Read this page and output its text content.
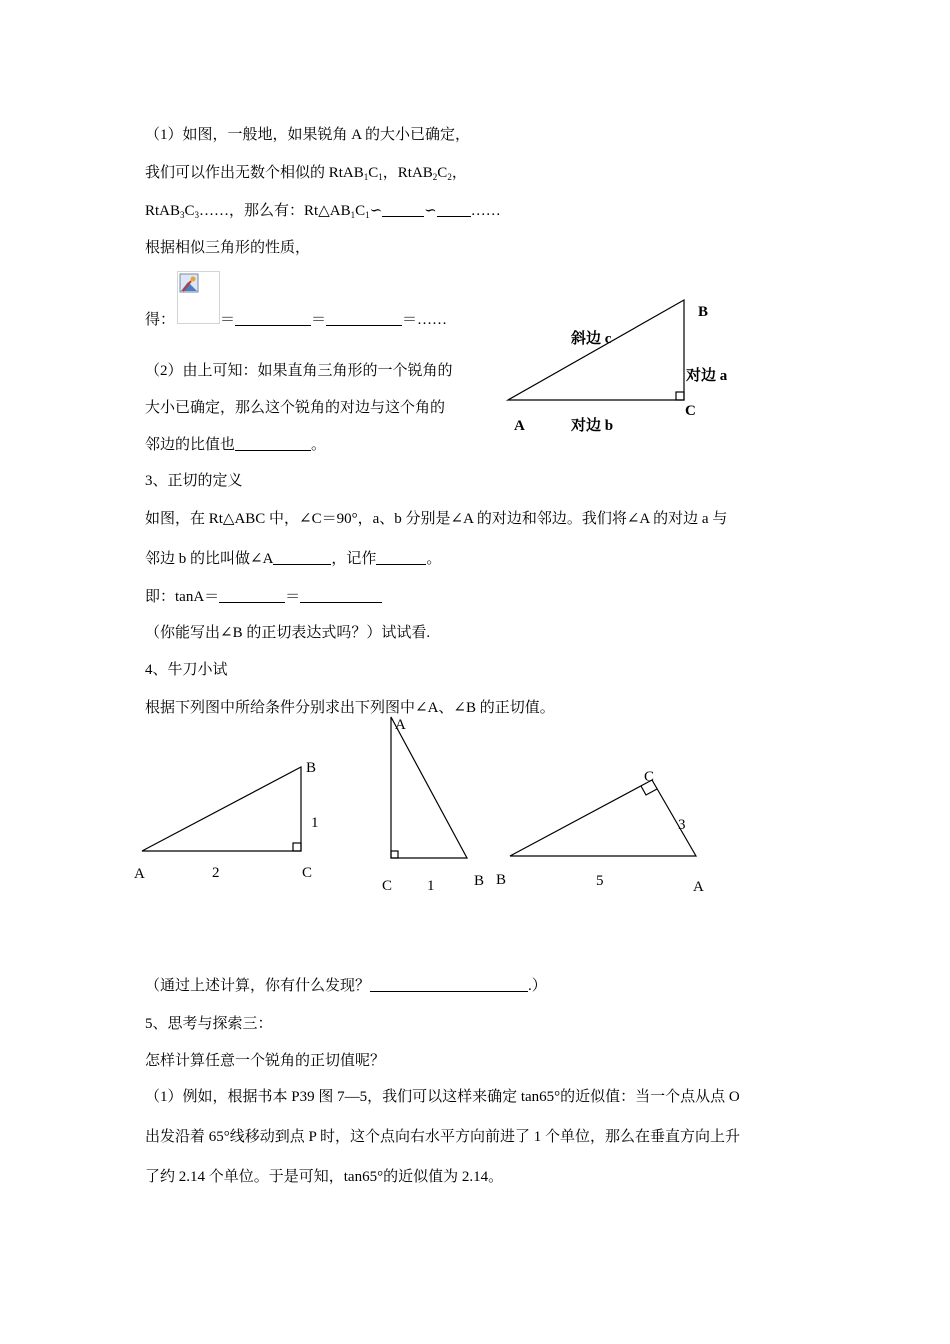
（1）如图，一般地，如果锐角 A 的大小已确定，
我们可以作出无数个相似的 $RtAB_1C_1$，$RtAB_2C_2$，
$RtAB_3C_3\dots\dots$，那么有：$Rt\triangle AB_1C_1∽$	∽ ……
根据相似三角形的性质，
得：	＝	＝	＝……
（2）由上可知：如果直角三角形的一个锐角的
大小已确定，那么这个锐角的对边与这个角的
邻边的比值也	。
3、正切的定义
如图，在 Rt△ABC 中，∠C＝90°，a、b 分别是∠A 的对边和邻边。我们将∠A 的对边 a 与
邻边 b 的比叫做∠A	，记作	。
即：tanA＝	＝
（你能写出∠B 的正切表达式吗？）试试看.
4、牛刀小试
根据下列图中所给条件分别求出下列图中∠A、∠B 的正切值。
（通过上述计算，你有什么发现？	.）
5、思考与探索三：
怎样计算任意一个锐角的正切值呢？
（1）例如，根据书本 P39 图 7—5，我们可以这样来确定 tan65°的近似值：当一个点从点 O
出发沿着 65°线移动到点 P 时，这个点向右水平方向前进了 1 个单位，那么在垂直方向上升
了约 2.14 个单位。于是可知，tan65°的近似值为 2.14。
B
斜边 c
对边 a
C
A	对边 b
B
1
A	2	C
A
C 1	B
C
3
B	5	A
